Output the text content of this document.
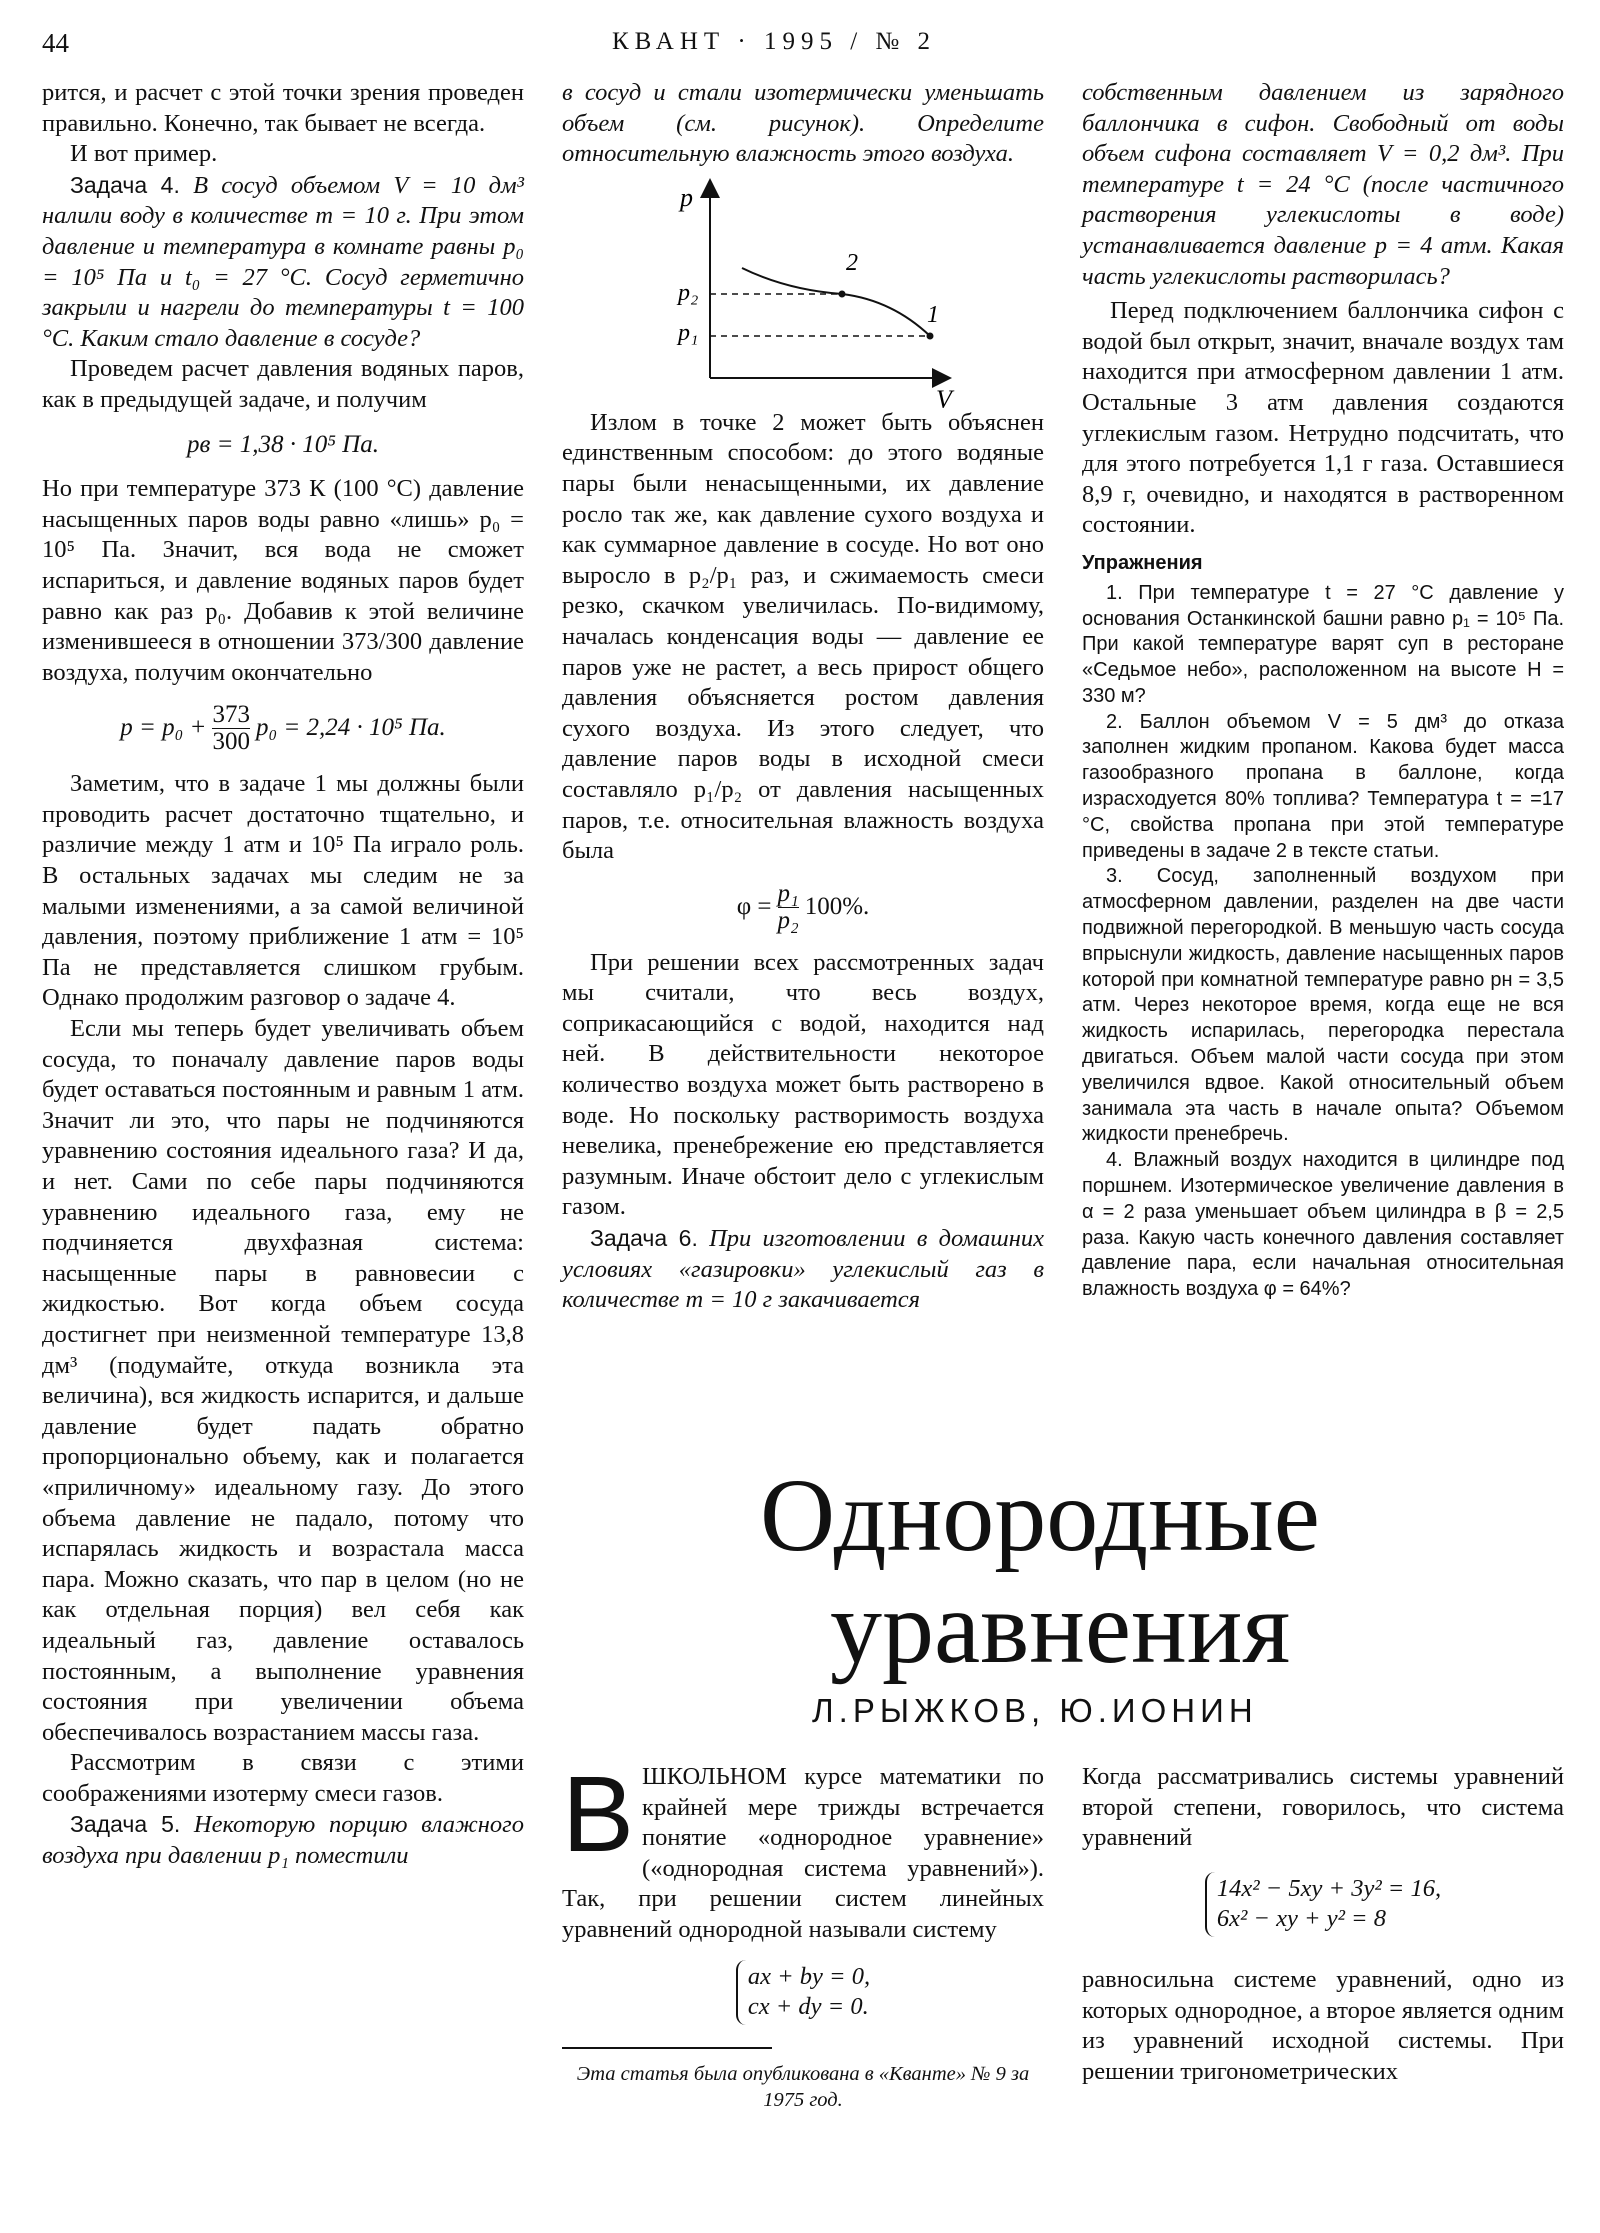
44	КВАНТ · 1995 / № 2

рится, и расчет с этой точки зрения проведен правильно. Конечно, так бывает не всегда.

И вот пример.

Задача 4. В сосуд объемом V = 10 дм³ налили воду в количестве m = 10 г. При этом давление и температура в комнате равны p₀ = 10⁵ Па и t₀ = 27 °C. Сосуд герметично закрыли и нагрели до температуры t = 100 °C. Каким стало давление в сосуде?

Проведем расчет давления водяных паров, как в предыдущей задаче, и получим

pв = 1,38 · 10⁵ Па.

Но при температуре 373 К (100 °C) давление насыщенных паров воды равно «лишь» p₀ = 10⁵ Па. Значит, вся вода не сможет испариться, и давление водяных паров будет равно как раз p₀. Добавив к этой величине изменившееся в отношении 373/300 давление воздуха, получим окончательно

$p = p_0 + \frac{373}{300} p_0 = 2,24 \cdot 10^5$ Па.

Заметим, что в задаче 1 мы должны были проводить расчет достаточно тщательно, и различие между 1 атм и 10⁵ Па играло роль. В остальных задачах мы следим не за малыми изменениями, а за самой величиной давления, поэтому приближение 1 атм = 10⁵ Па не представляется слишком грубым. Однако продолжим разговор о задаче 4.

Если мы теперь будет увеличивать объем сосуда, то поначалу давление паров воды будет оставаться постоянным и равным 1 атм. Значит ли это, что пары не подчиняются уравнению состояния идеального газа? И да, и нет. Сами по себе пары подчиняются уравнению идеального газа, ему не подчиняется двухфазная система: насыщенные пары в равновесии с жидкостью. Вот когда объем сосуда достигнет при неизменной температуре 13,8 дм³ (подумайте, откуда возникла эта величина), вся жидкость испарится, и дальше давление будет падать обратно пропорционально объему, как и полагается «приличному» идеальному газу. До этого объема давление не падало, потому что испарялась жидкость и возрастала масса пара. Можно сказать, что пар в целом (но не как отдельная порция) вел себя как идеальный газ, давление оставалось постоянным, а выполнение уравнения состояния при увеличении объема обеспечивалось возрастанием массы газа.

Рассмотрим в связи с этими соображениями изотерму смеси газов.

Задача 5. Некоторую порцию влажного воздуха при давлении p₁ поместили

в сосуд и стали изотермически уменьшать объем (см. рисунок). Определите относительную влажность этого воздуха.

p
V
p₂
p₁
2
1

Излом в точке 2 может быть объяснен единственным способом: до этого водяные пары были ненасыщенными, их давление росло так же, как давление сухого воздуха и как суммарное давление в сосуде. Но вот оно выросло в p₂/p₁ раз, и сжимаемость смеси резко, скачком увеличилась. По-видимому, началась конденсация воды — давление ее паров уже не растет, а весь прирост общего давления объясняется ростом давления сухого воздуха. Из этого следует, что давление паров воды в исходной смеси составляло p₁/p₂ от давления насыщенных паров, т.е. относительная влажность воздуха была

$\varphi = \frac{\text{p₁}}{\text{p₂}} 100\%$.

При решении всех рассмотренных задач мы считали, что весь воздух, соприкасающийся с водой, находится над ней. В действительности некоторое количество воздуха может быть растворено в воде. Но поскольку растворимость воздуха невелика, пренебрежение ею представляется разумным. Иначе обстоит дело с углекислым газом.

Задача 6. При изготовлении в домашних условиях «газировки» углекислый газ в количестве m = 10 г закачивается

собственным давлением из зарядного баллончика в сифон. Свободный от воды объем сифона составляет V = 0,2 дм³. При температуре t = 24 °C (после частичного растворения углекислоты в воде) устанавливается давление p = 4 атм. Какая часть углекислоты растворилась?

Перед подключением баллончика сифон с водой был открыт, значит, вначале воздух там находится при атмосферном давлении 1 атм. Остальные 3 атм давления создаются углекислым газом. Нетрудно подсчитать, что для этого потребуется 1,1 г газа. Оставшиеся 8,9 г, очевидно, и находятся в растворенном состоянии.

Упражнения

1. При температуре t = 27 °C давление у основания Останкинской башни равно p₁ = 10⁵ Па. При какой температуре варят суп в ресторане «Седьмое небо», расположенном на высоте H = 330 м?

2. Баллон объемом V = 5 дм³ до отказа заполнен жидким пропаном. Какова будет масса газообразного пропана в баллоне, когда израсходуется 80% топлива? Температура t = =17 °C, свойства пропана при этой температуре приведены в задаче 2 в тексте статьи.

3. Сосуд, заполненный воздухом при атмосферном давлении, разделен на две части подвижной перегородкой. В меньшую часть сосуда впрыснули жидкость, давление насыщенных паров которой при комнатной температуре равно pн = 3,5 атм. Через некоторое время, когда еще не вся жидкость испарилась, перегородка перестала двигаться. Объем малой части сосуда при этом увеличился вдвое. Какой относительный объем занимала эта часть в начале опыта? Объемом жидкости пренебречь.

4. Влажный воздух находится в цилиндре под поршнем. Изотермическое увеличение давления в α = 2 раза уменьшает объем цилиндра в β = 2,5 раза. Какую часть конечного давления составляет давление пара, если начальная относительная влажность воздуха φ = 64%?

Однородные
уравнения
Л.РЫЖКОВ, Ю.ИОНИН

ВШКОЛЬНОМ курсе математики по крайней мере трижды встречается понятие «однородное уравнение» («однородная система уравнений»). Так, при решении систем линейных уравнений однородной называли систему

ax + by = 0,
cx + dy = 0.
Эта статья была опубликована в «Кванте» № 9 за 1975 год.

Когда рассматривались системы уравнений второй степени, говорилось, что система уравнений

14x² − 5xy + 3y² = 16,
6x² − xy + y² = 8

равносильна системе уравнений, одно из которых однородное, а второе является одним из уравнений исходной системы. При решении тригонометрических
